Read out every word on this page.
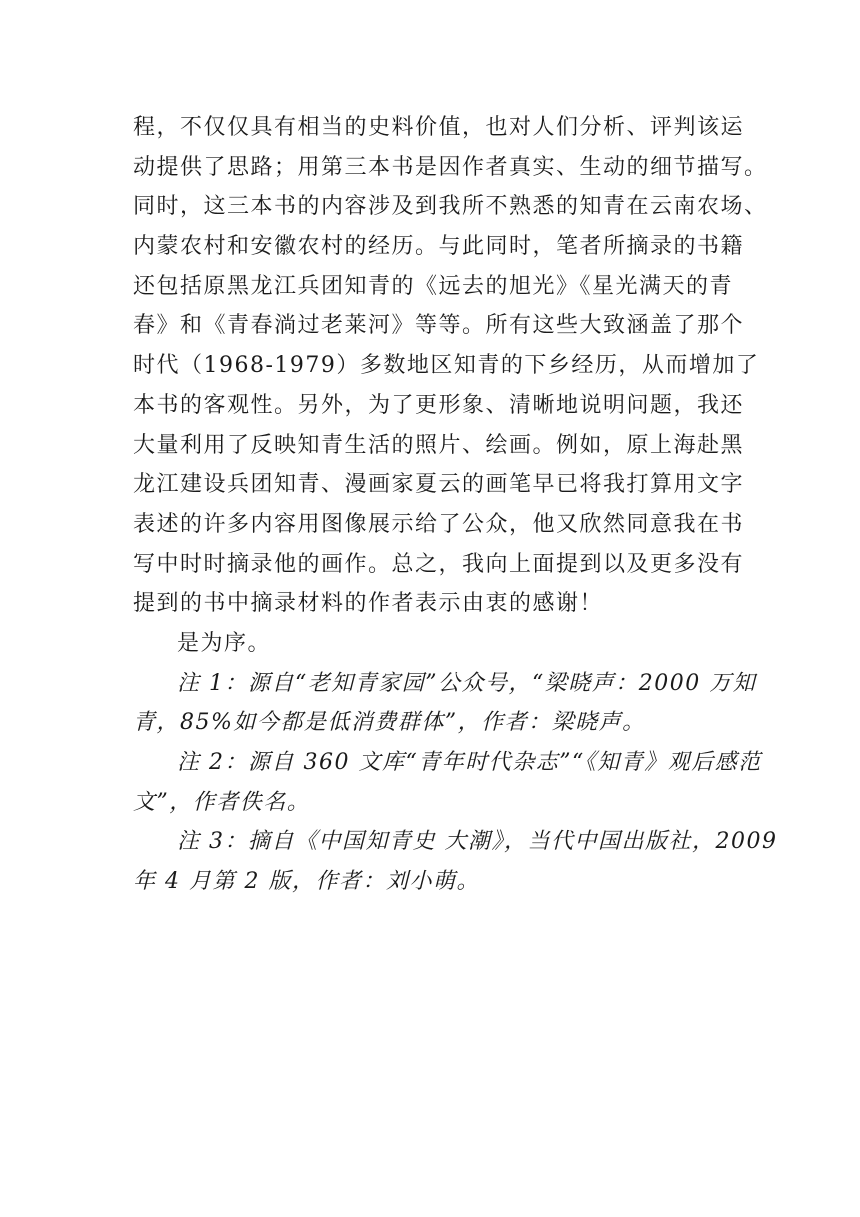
程，不仅仅具有相当的史料价值，也对人们分析、评判该运
动提供了思路；用第三本书是因作者真实、生动的细节描写。
同时，这三本书的内容涉及到我所不熟悉的知青在云南农场、
内蒙农村和安徽农村的经历。与此同时，笔者所摘录的书籍
还包括原黑龙江兵团知青的《远去的旭光》《星光满天的青
春》和《青春淌过老莱河》等等。所有这些大致涵盖了那个
时代（1968-1979）多数地区知青的下乡经历，从而增加了
本书的客观性。另外，为了更形象、清晰地说明问题，我还
大量利用了反映知青生活的照片、绘画。例如，原上海赴黑
龙江建设兵团知青、漫画家夏云的画笔早已将我打算用文字
表述的许多内容用图像展示给了公众，他又欣然同意我在书
写中时时摘录他的画作。总之，我向上面提到以及更多没有
提到的书中摘录材料的作者表示由衷的感谢！
是为序。
注 1：源自“老知青家园”公众号，“梁晓声：2000 万知
青，85%如今都是低消费群体”，作者：梁晓声。
注 2：源自 360 文库“青年时代杂志”“《知青》观后感范
文”，作者佚名。
注 3：摘自《中国知青史 大潮》，当代中国出版社，2009
年 4 月第 2 版，作者：刘小萌。
